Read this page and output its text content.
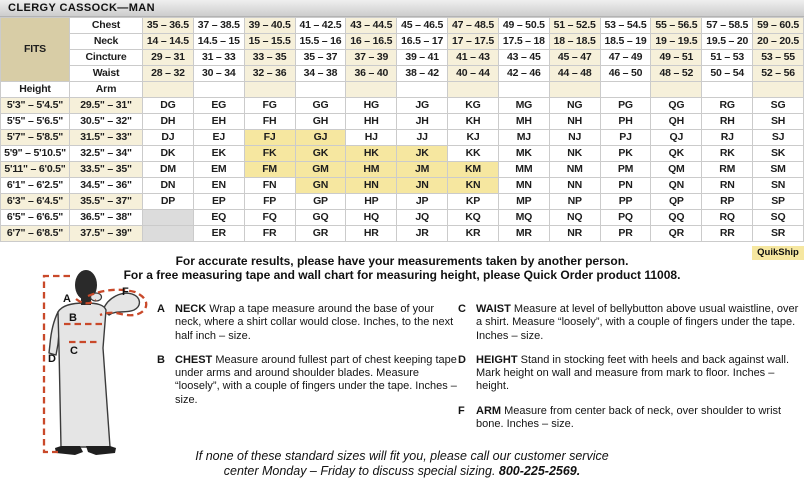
CLERGY CASSOCK—MAN
FITS	Chest	35 – 36.5	37 – 38.5	39 – 40.5	41 – 42.5	43 – 44.5	45 – 46.5	47 – 48.5	49 – 50.5	51 – 52.5	53 – 54.5	55 – 56.5	57 – 58.5	59 – 60.5
	Neck	14 – 14.5	14.5 – 15	15 – 15.5	15.5 – 16	16 – 16.5	16.5 – 17	17 – 17.5	17.5 – 18	18 – 18.5	18.5 – 19	19 – 19.5	19.5 – 20	20 – 20.5
	Cincture	29 – 31	31 – 33	33 – 35	35 – 37	37 – 39	39 – 41	41 – 43	43 – 45	45 – 47	47 – 49	49 – 51	51 – 53	53 – 55
	Waist	28 – 32	30 – 34	32 – 36	34 – 38	36 – 40	38 – 42	40 – 44	42 – 46	44 – 48	46 – 50	48 – 52	50 – 54	52 – 56
Height	Arm													
5'3" – 5'4.5"	29.5" – 31"	DG	EG	FG	GG	HG	JG	KG	MG	NG	PG	QG	RG	SG
5'5" – 5'6.5"	30.5" – 32"	DH	EH	FH	GH	HH	JH	KH	MH	NH	PH	QH	RH	SH
5'7" – 5'8.5"	31.5" – 33"	DJ	EJ	FJ	GJ	HJ	JJ	KJ	MJ	NJ	PJ	QJ	RJ	SJ
5'9" – 5'10.5"	32.5" – 34"	DK	EK	FK	GK	HK	JK	KK	MK	NK	PK	QK	RK	SK
5'11" – 6'0.5"	33.5" – 35"	DM	EM	FM	GM	HM	JM	KM	MM	NM	PM	QM	RM	SM
6'1" – 6'2.5"	34.5" – 36"	DN	EN	FN	GN	HN	JN	KN	MN	NN	PN	QN	RN	SN
6'3" – 6'4.5"	35.5" – 37"	DP	EP	FP	GP	HP	JP	KP	MP	NP	PP	QP	RP	SP
6'5" – 6'6.5"	36.5" – 38"		EQ	FQ	GQ	HQ	JQ	KQ	MQ	NQ	PQ	QQ	RQ	SQ
6'7" – 6'8.5"	37.5" – 39"		ER	FR	GR	HR	JR	KR	MR	NR	PR	QR	RR	SR
QuikShip
For accurate results, please have your measurements taken by another person.
For a free measuring tape and wall chart for measuring height, please Quick Order product 11008.
A
B
C
D
F
A NECK Wrap a tape measure around the base of your neck, where a shirt collar would close. Inches, to the next half inch – size.
B CHEST Measure around fullest part of chest keeping tape under arms and around shoulder blades. Measure “loosely”, with a couple of fingers under the tape. Inches – size.
C WAIST Measure at level of bellybutton above usual waistline, over a shirt. Measure “loosely”, with a couple of fingers under the tape. Inches – size.
D HEIGHT Stand in stocking feet with heels and back against wall. Mark height on wall and measure from mark to floor. Inches – height.
F	ARM Measure from center back of neck, over shoulder to wrist bone. Inches – size.
If none of these standard sizes will fit you, please call our customer service
center Monday – Friday to discuss special sizing. 800-225-2569.
